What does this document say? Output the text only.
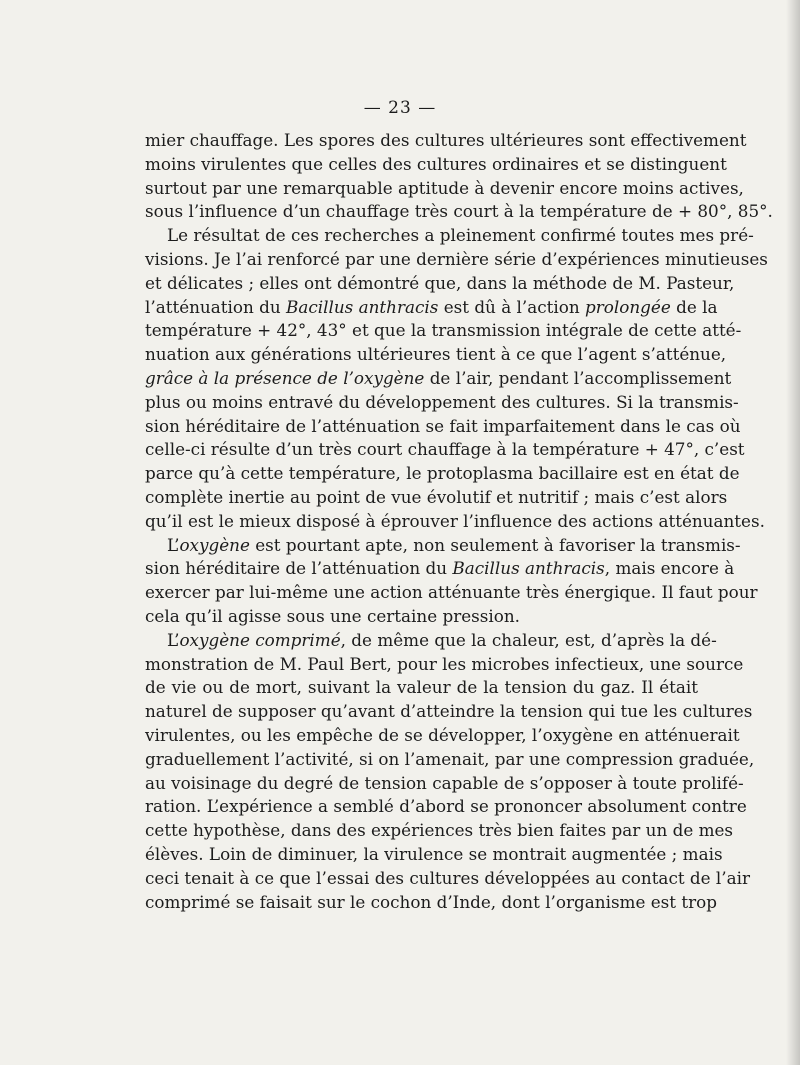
— 23 —
mier chauffage. Les spores des cultures ultérieures sont effectivement
moins virulentes que celles des cultures ordinaires et se distinguent
surtout par une remarquable aptitude à devenir encore moins actives,
sous l’influence d’un chauffage très court à la température de + 80°, 85°.
Le résultat de ces recherches a pleinement confirmé toutes mes pré-
visions. Je l’ai renforcé par une dernière série d’expériences minutieuses
et délicates ; elles ont démontré que, dans la méthode de M. Pasteur,
l’atténuation du Bacillus anthracis est dû à l’action prolongée de la
température + 42°, 43° et que la transmission intégrale de cette atté-
nuation aux générations ultérieures tient à ce que l’agent s’atténue,
grâce à la présence de l’oxygène de l’air, pendant l’accomplissement
plus ou moins entravé du développement des cultures. Si la transmis-
sion héréditaire de l’atténuation se fait imparfaitement dans le cas où
celle-ci résulte d’un très court chauffage à la température + 47°, c’est
parce qu’à cette température, le protoplasma bacillaire est en état de
complète inertie au point de vue évolutif et nutritif ; mais c’est alors
qu’il est le mieux disposé à éprouver l’influence des actions atténuantes.
L’oxygène est pourtant apte, non seulement à favoriser la transmis-
sion héréditaire de l’atténuation du Bacillus anthracis, mais encore à
exercer par lui-même une action atténuante très énergique. Il faut pour
cela qu’il agisse sous une certaine pression.
L’oxygène comprimé, de même que la chaleur, est, d’après la dé-
monstration de M. Paul Bert, pour les microbes infectieux, une source
de vie ou de mort, suivant la valeur de la tension du gaz. Il était
naturel de supposer qu’avant d’atteindre la tension qui tue les cultures
virulentes, ou les empêche de se développer, l’oxygène en atténuerait
graduellement l’activité, si on l’amenait, par une compression graduée,
au voisinage du degré de tension capable de s’opposer à toute prolifé-
ration. L’expérience a semblé d’abord se prononcer absolument contre
cette hypothèse, dans des expériences très bien faites par un de mes
élèves. Loin de diminuer, la virulence se montrait augmentée ; mais
ceci tenait à ce que l’essai des cultures développées au contact de l’air
comprimé se faisait sur le cochon d’Inde, dont l’organisme est trop
